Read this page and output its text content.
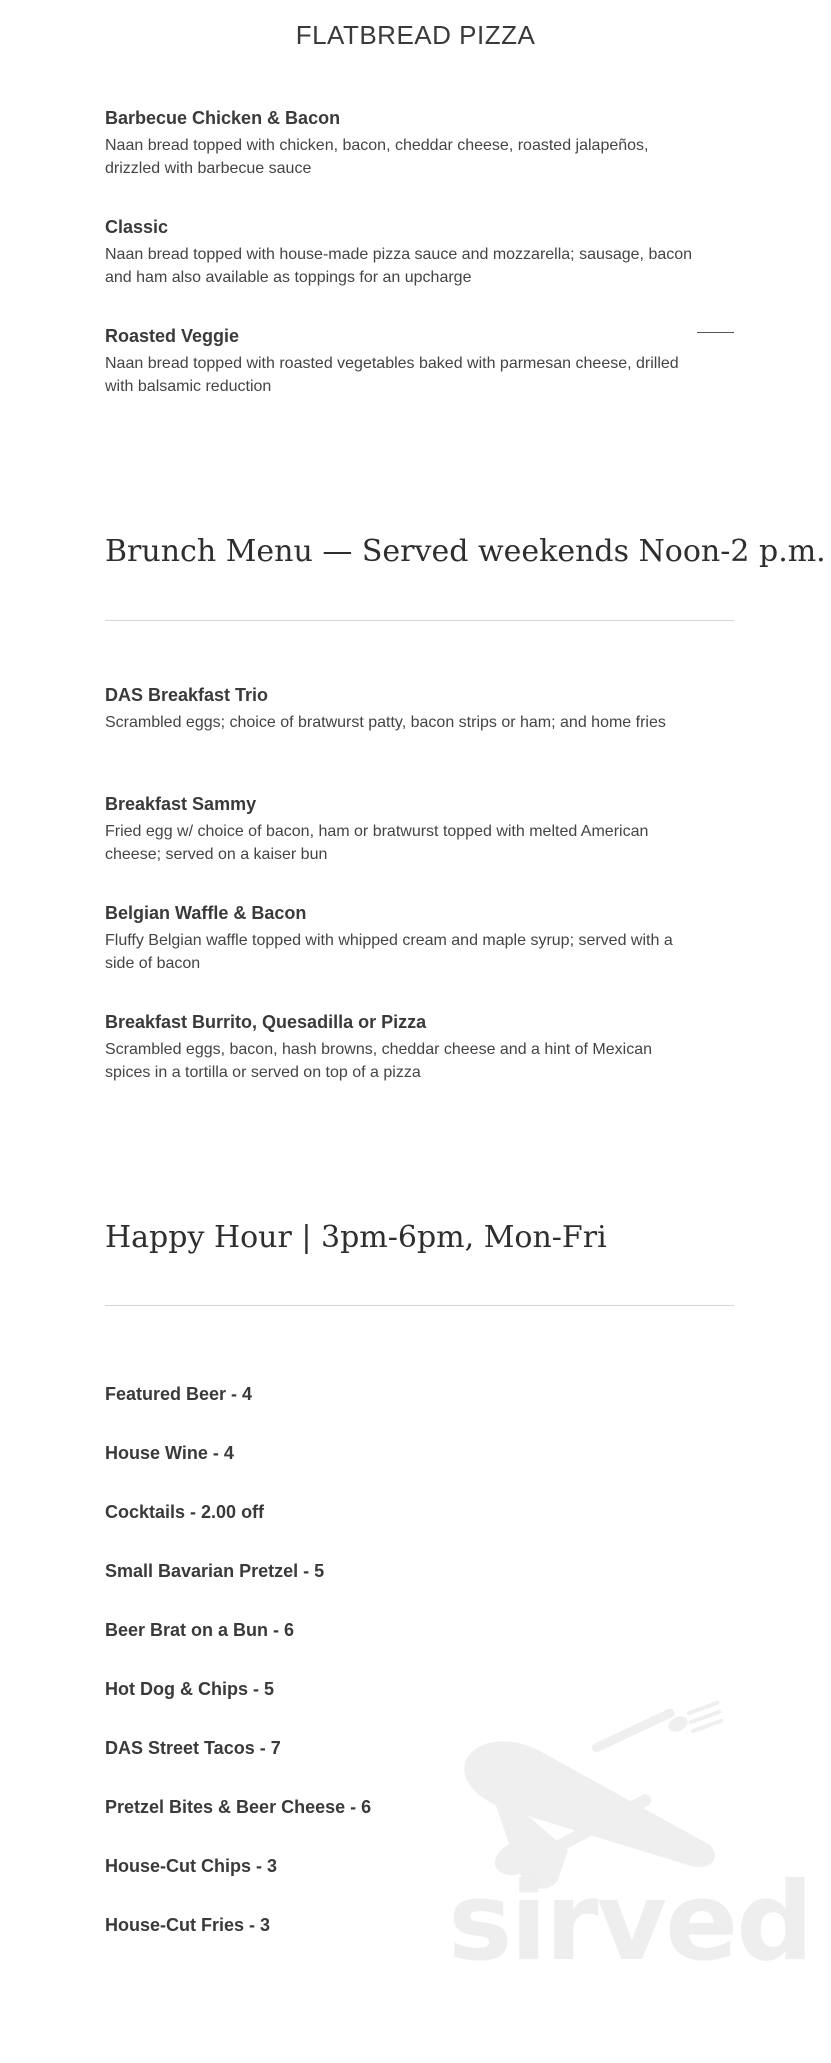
FLATBREAD PIZZA
Barbecue Chicken & Bacon
Naan bread topped with chicken, bacon, cheddar cheese, roasted jalapeños, drizzled with barbecue sauce
Classic
Naan bread topped with house-made pizza sauce and mozzarella; sausage, bacon and ham also available as toppings for an upcharge
Roasted Veggie
Naan bread topped with roasted vegetables baked with parmesan cheese, drilled with balsamic reduction
Brunch Menu — Served weekends Noon-2 p.m.
DAS Breakfast Trio
Scrambled eggs; choice of bratwurst patty, bacon strips or ham; and home fries
Breakfast Sammy
Fried egg w/ choice of bacon, ham or bratwurst topped with melted American cheese; served on a kaiser bun
Belgian Waffle & Bacon
Fluffy Belgian waffle topped with whipped cream and maple syrup; served with a side of bacon
Breakfast Burrito, Quesadilla or Pizza
Scrambled eggs, bacon, hash browns, cheddar cheese and a hint of Mexican spices in a tortilla or served on top of a pizza
Happy Hour | 3pm-6pm, Mon-Fri
Featured Beer - 4
House Wine - 4
Cocktails - 2.00 off
Small Bavarian Pretzel - 5
Beer Brat on a Bun - 6
Hot Dog & Chips - 5
DAS Street Tacos - 7
Pretzel Bites & Beer Cheese - 6
House-Cut Chips - 3
House-Cut Fries - 3 sirved
